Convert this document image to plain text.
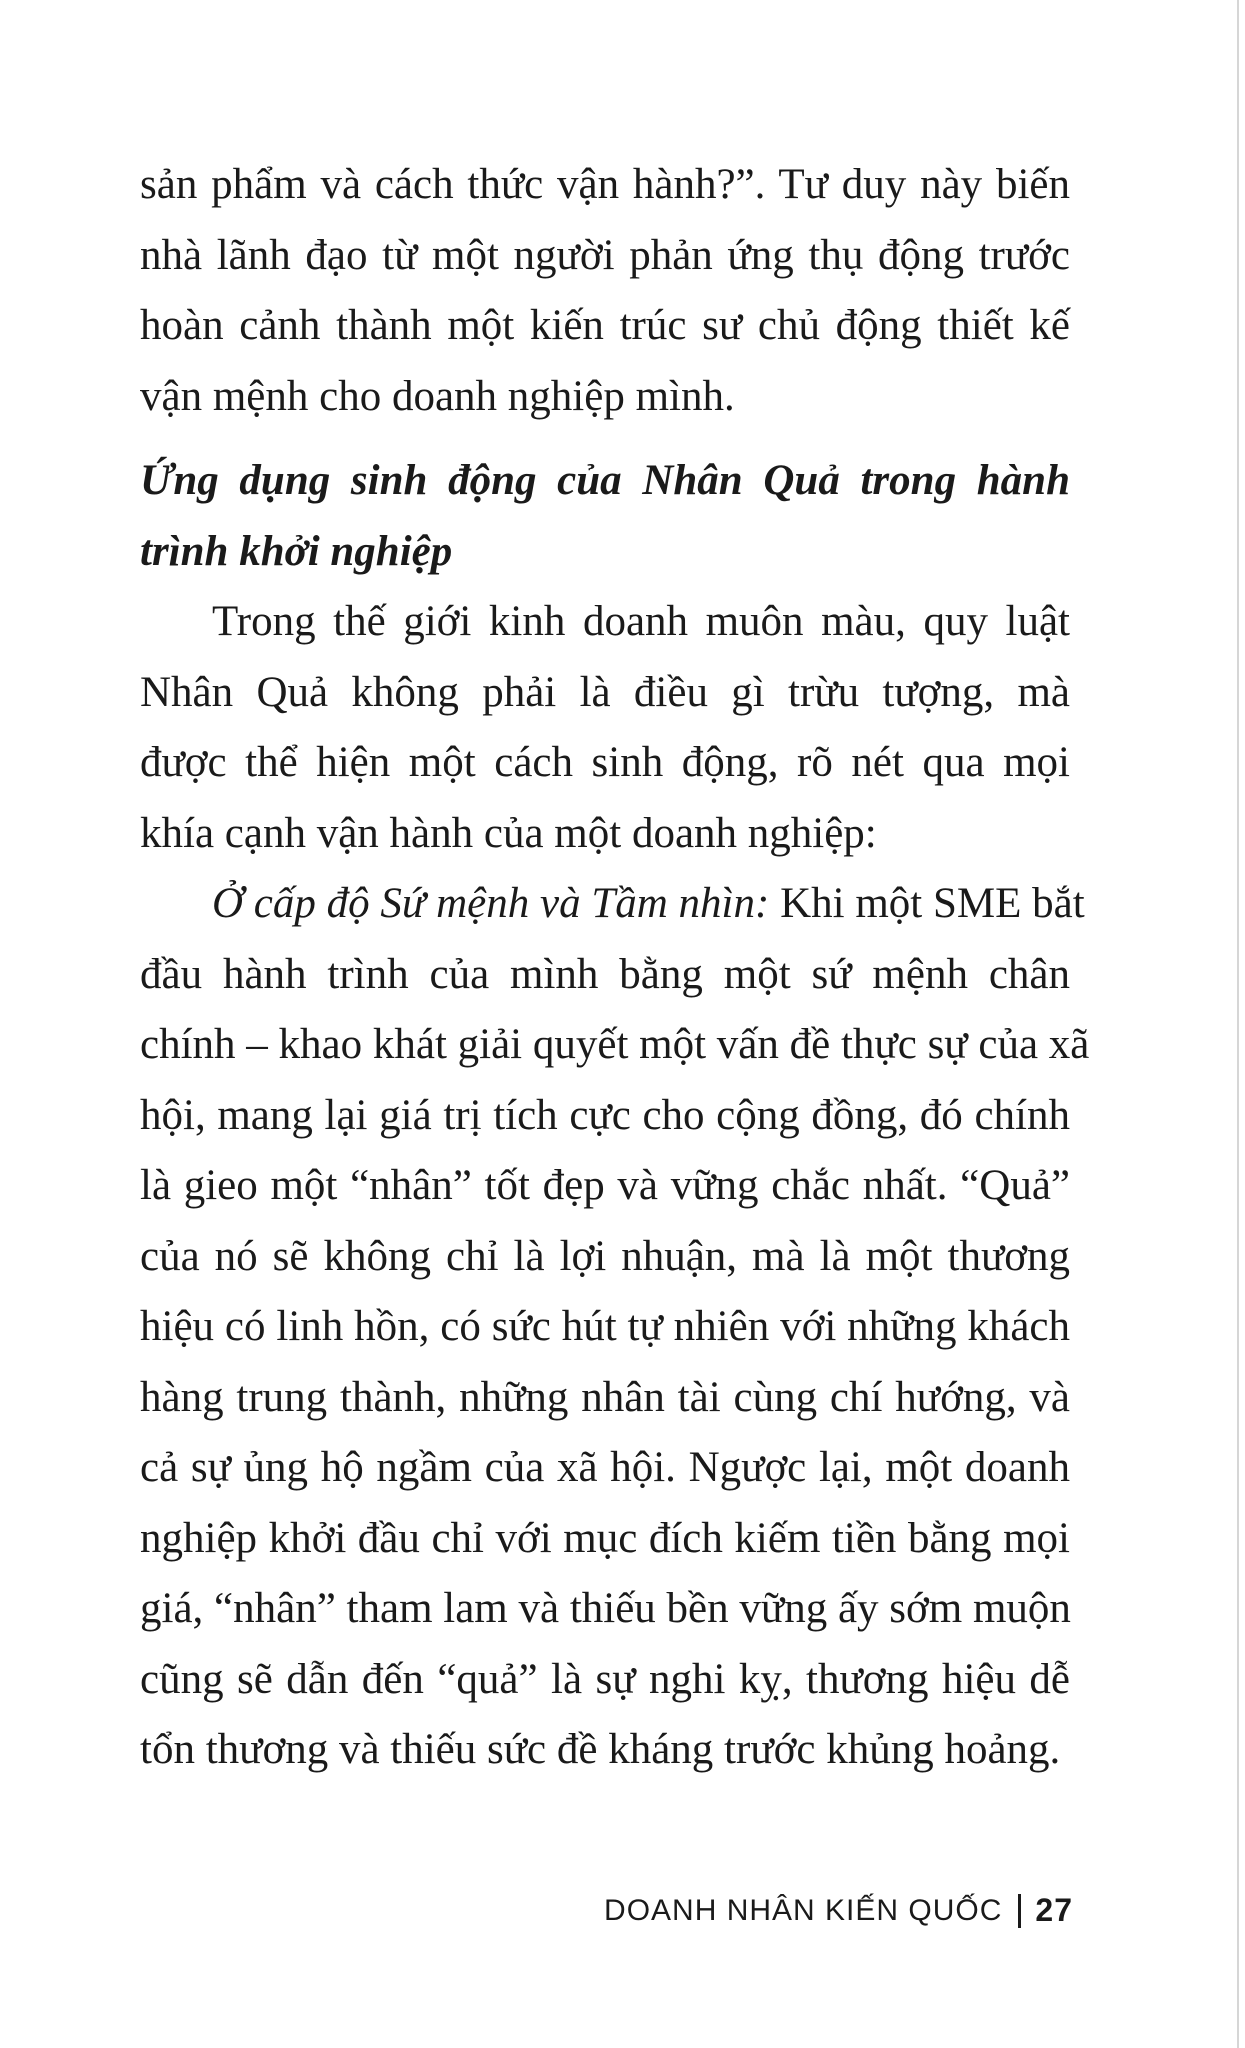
sản phẩm và cách thức vận hành?”. Tư duy này biến
nhà lãnh đạo từ một người phản ứng thụ động trước
hoàn cảnh thành một kiến trúc sư chủ động thiết kế
vận mệnh cho doanh nghiệp mình.
Ứng dụng sinh động của Nhân Quả trong hành
trình khởi nghiệp
Trong thế giới kinh doanh muôn màu, quy luật
Nhân Quả không phải là điều gì trừu tượng, mà
được thể hiện một cách sinh động, rõ nét qua mọi
khía cạnh vận hành của một doanh nghiệp:
Ở cấp độ Sứ mệnh và Tầm nhìn: Khi một SME bắt
đầu hành trình của mình bằng một sứ mệnh chân
chính – khao khát giải quyết một vấn đề thực sự của xã
hội, mang lại giá trị tích cực cho cộng đồng, đó chính
là gieo một “nhân” tốt đẹp và vững chắc nhất. “Quả”
của nó sẽ không chỉ là lợi nhuận, mà là một thương
hiệu có linh hồn, có sức hút tự nhiên với những khách
hàng trung thành, những nhân tài cùng chí hướng, và
cả sự ủng hộ ngầm của xã hội. Ngược lại, một doanh
nghiệp khởi đầu chỉ với mục đích kiếm tiền bằng mọi
giá, “nhân” tham lam và thiếu bền vững ấy sớm muộn
cũng sẽ dẫn đến “quả” là sự nghi kỵ, thương hiệu dễ
tổn thương và thiếu sức đề kháng trước khủng hoảng.
DOANH NHÂN KIẾN QUỐC 27
